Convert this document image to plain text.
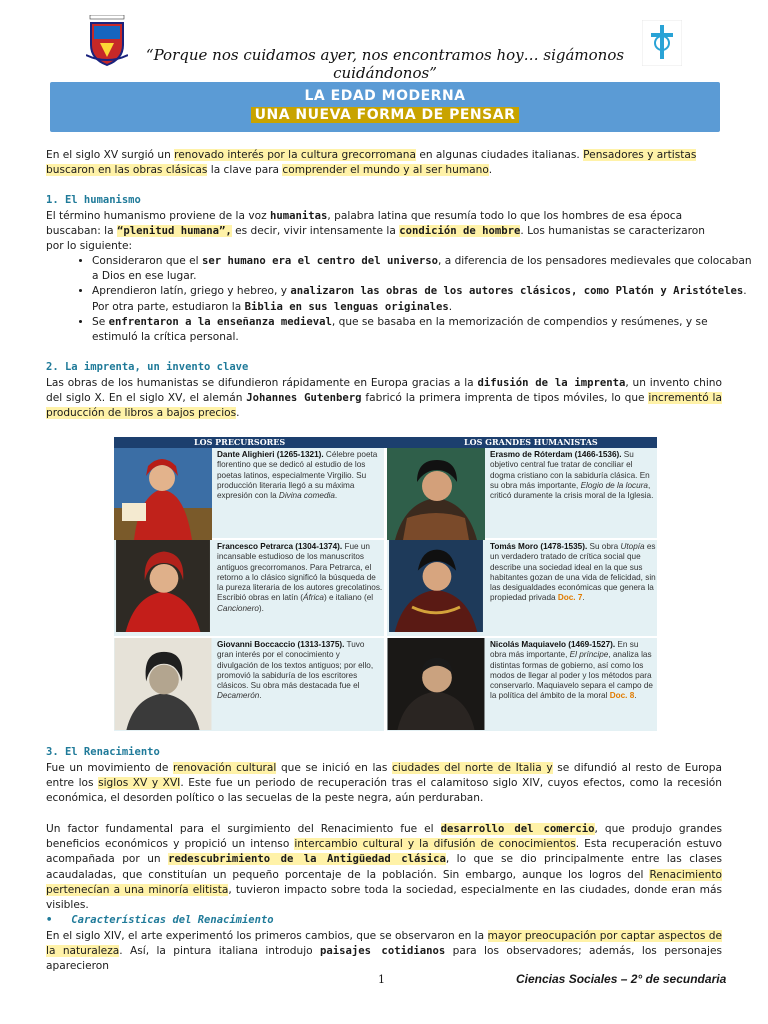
“Porque nos cuidamos ayer, nos encontramos hoy… sigámonos cuidándonos”
LA EDAD MODERNA
UNA NUEVA FORMA DE PENSAR
En el siglo XV surgió un renovado interés por la cultura grecorromana en algunas ciudades italianas. Pensadores y artistas buscaron en las obras clásicas la clave para comprender el mundo y al ser humano.
1. El humanismo
El término humanismo proviene de la voz humanitas, palabra latina que resumía todo lo que los hombres de esa época buscaban: la “plenitud humana”, es decir, vivir intensamente la condición de hombre. Los humanistas se caracterizaron por lo siguiente:
• Consideraron que el ser humano era el centro del universo, a diferencia de los pensadores medievales que colocaban a Dios en ese lugar.
• Aprendieron latín, griego y hebreo, y analizaron las obras de los autores clásicos, como Platón y Aristóteles. Por otra parte, estudiaron la Biblia en sus lenguas originales.
• Se enfrentaron a la enseñanza medieval, que se basaba en la memorización de compendios y resúmenes, y se estimuló la crítica personal.
2. La imprenta, un invento clave
Las obras de los humanistas se difundieron rápidamente en Europa gracias a la difusión de la imprenta, un invento chino del siglo X. En el siglo XV, el alemán Johannes Gutenberg fabricó la primera imprenta de tipos móviles, lo que incrementó la producción de libros a bajos precios.
LOS PRECURSORES	LOS GRANDES HUMANISTAS
Dante Alighieri (1265-1321). Célebre poeta florentino que se dedicó al estudio de los poetas latinos, especialmente Virgilio. Su producción literaria llegó a su máxima expresión con la Divina comedia.
Francesco Petrarca (1304-1374). Fue un incansable estudioso de los manuscritos antiguos grecorromanos. Para Petrarca, el retorno a lo clásico significó la búsqueda de la pureza literaria de los autores grecolatinos. Escribió obras en latín (África) e italiano (el Cancionero).
Giovanni Boccaccio (1313-1375). Tuvo gran interés por el conocimiento y divulgación de los textos antiguos; por ello, promovió la sabiduría de los escritores clásicos. Su obra más destacada fue el Decamerón.
Erasmo de Róterdam (1466-1536). Su objetivo central fue tratar de conciliar el dogma cristiano con la sabiduría clásica. En su obra más importante, Elogio de la locura, criticó duramente la crisis moral de la Iglesia.
Tomás Moro (1478-1535). Su obra Utopía es un verdadero tratado de crítica social que describe una sociedad ideal en la que sus habitantes gozan de una vida de felicidad, sin las desigualdades económicas que genera la propiedad privada Doc. 7.
Nicolás Maquiavelo (1469-1527). En su obra más importante, El príncipe, analiza las distintas formas de gobierno, así como los modos de llegar al poder y los métodos para conservarlo. Maquiavelo separa el campo de la política del ámbito de la moral Doc. 8.
3. El Renacimiento
Fue un movimiento de renovación cultural que se inició en las ciudades del norte de Italia y se difundió al resto de Europa entre los siglos XV y XVI. Este fue un periodo de recuperación tras el calamitoso siglo XIV, cuyos efectos, como la recesión económica, el desorden político o las secuelas de la peste negra, aún perduraban.
Un factor fundamental para el surgimiento del Renacimiento fue el desarrollo del comercio, que produjo grandes beneficios económicos y propició un intenso intercambio cultural y la difusión de conocimientos. Esta recuperación estuvo acompañada por un redescubrimiento de la Antigüedad clásica, lo que se dio principalmente entre las clases acaudaladas, que constituían un pequeño porcentaje de la población. Sin embargo, aunque los logros del Renacimiento pertenecían a una minoría elitista, tuvieron impacto sobre toda la sociedad, especialmente en las ciudades, donde eran más visibles.
•   Características del Renacimiento
En el siglo XIV, el arte experimentó los primeros cambios, que se observaron en la mayor preocupación por captar aspectos de la naturaleza. Así, la pintura italiana introdujo paisajes cotidianos para los observadores; además, los personajes aparecieron
1	Ciencias Sociales – 2° de secundaria
